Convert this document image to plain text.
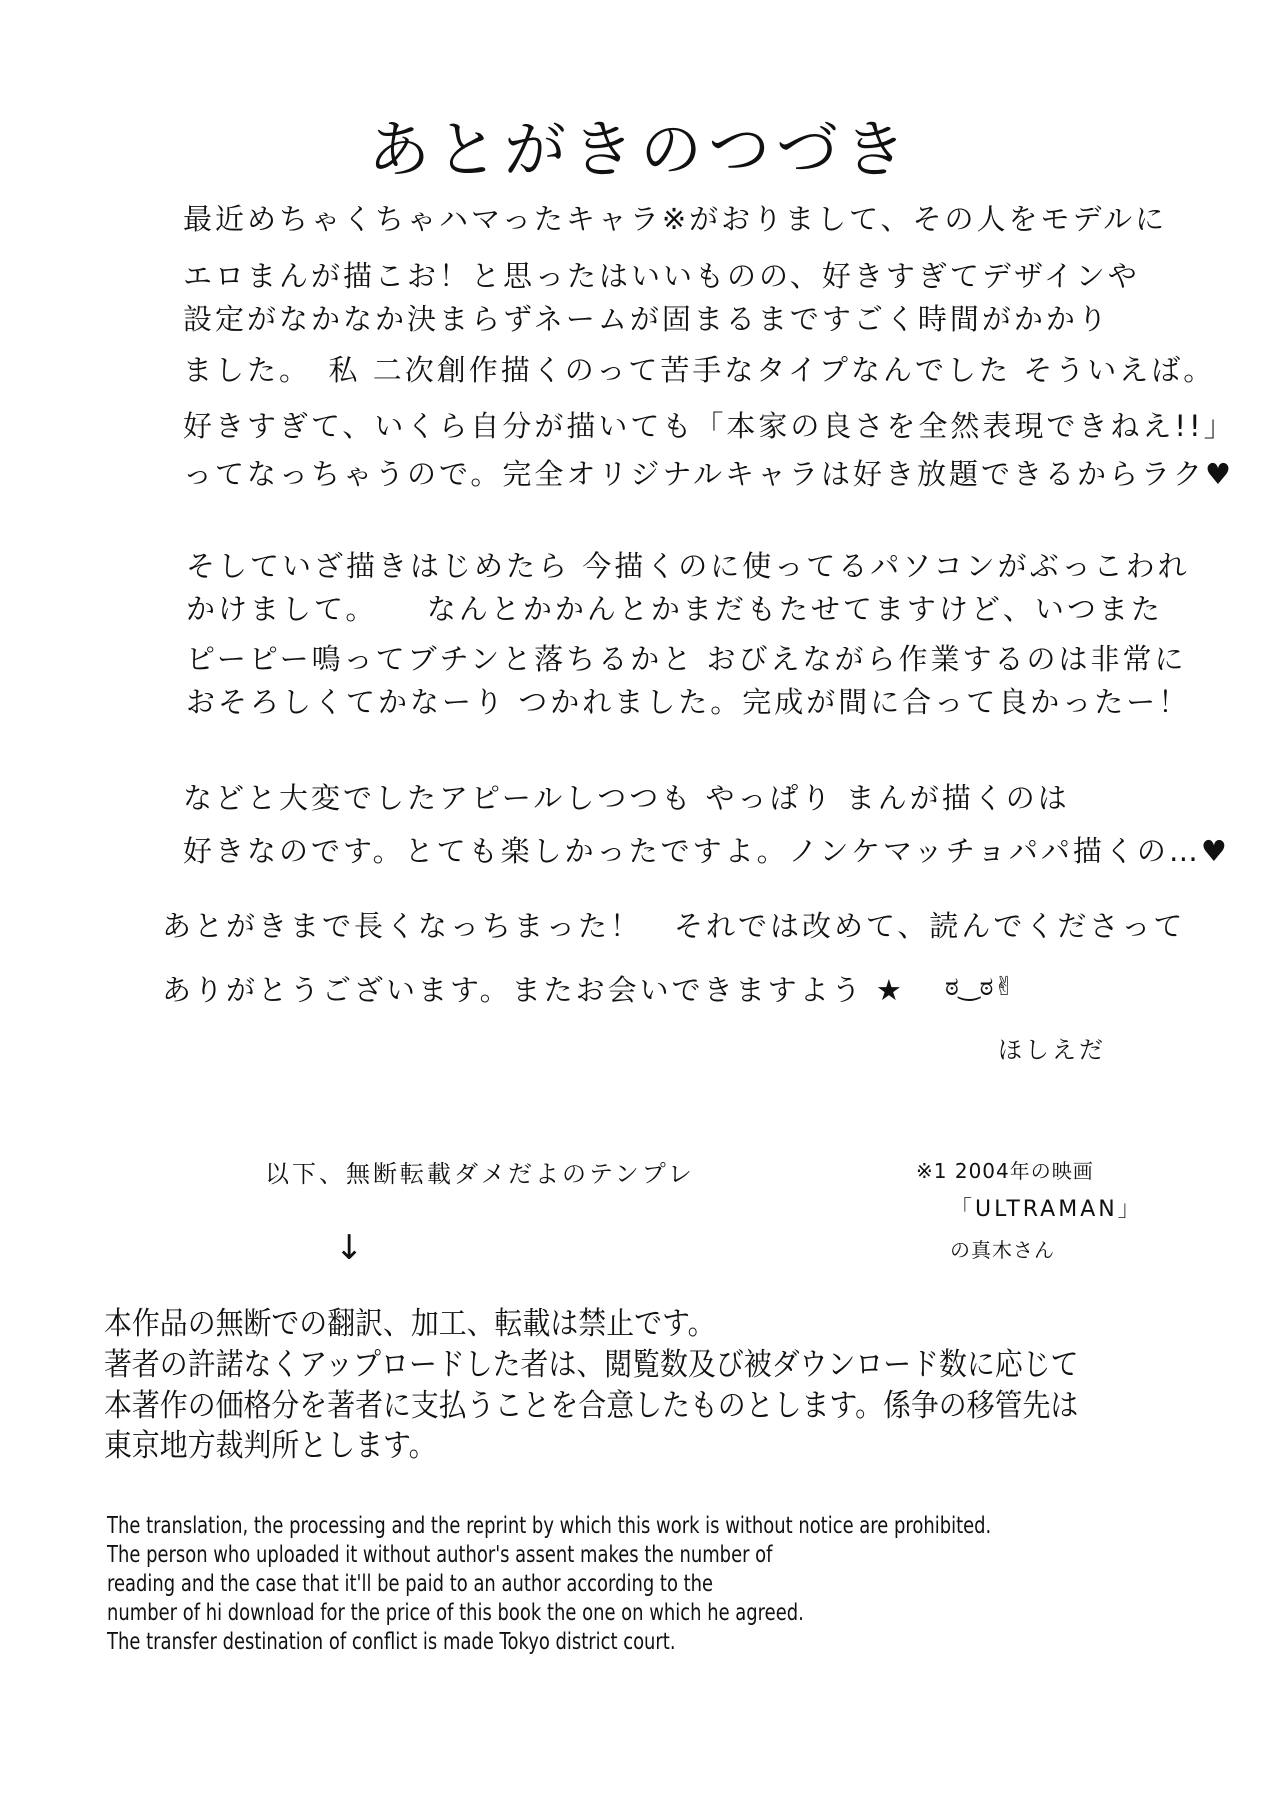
あとがきのつづき
最近めちゃくちゃハマったキャラ※がおりまして、その人をモデルに
エロまんが描こお！と思ったはいいものの、好きすぎてデザインや
設定がなかなか決まらずネームが固まるまですごく時間がかかり
ました。　私 二次創作描くのって苦手なタイプなんでした そういえば。
好きすぎて、いくら自分が描いても「本家の良さを全然表現できねえ!!」
ってなっちゃうので。完全オリジナルキャラは好き放題できるからラク♥
そしていざ描きはじめたら 今描くのに使ってるパソコンがぶっこわれ
かけまして。　　なんとかかんとかまだもたせてますけど、いつまた
ピーピー鳴ってブチンと落ちるかと おびえながら作業するのは非常に
おそろしくてかなーり つかれました。完成が間に合って良かったー！
などと大変でしたアピールしつつも やっぱり まんが描くのは
好きなのです。とても楽しかったですよ。ノンケマッチョパパ描くの…♥
あとがきまで長くなっちまった！　それでは改めて、読んでくださって
ありがとうございます。またお会いできますよう ★ ಠ‿ಠ✌
ほしえだ
以下、無断転載ダメだよのテンプレ
↓
※1 2004年の映画
「ULTRAMAN」
の真木さん
本作品の無断での翻訳、加工、転載は禁止です。
著者の許諾なくアップロードした者は、閲覧数及び被ダウンロード数に応じて
本著作の価格分を著者に支払うことを合意したものとします。係争の移管先は
東京地方裁判所とします。
The translation, the processing and the reprint by which this work is without notice are prohibited.
The person who uploaded it without author's assent makes the number of
reading and the case that it'll be paid to an author according to the
number of hi download for the price of this book the one on which he agreed.
The transfer destination of conflict is made Tokyo district court.
